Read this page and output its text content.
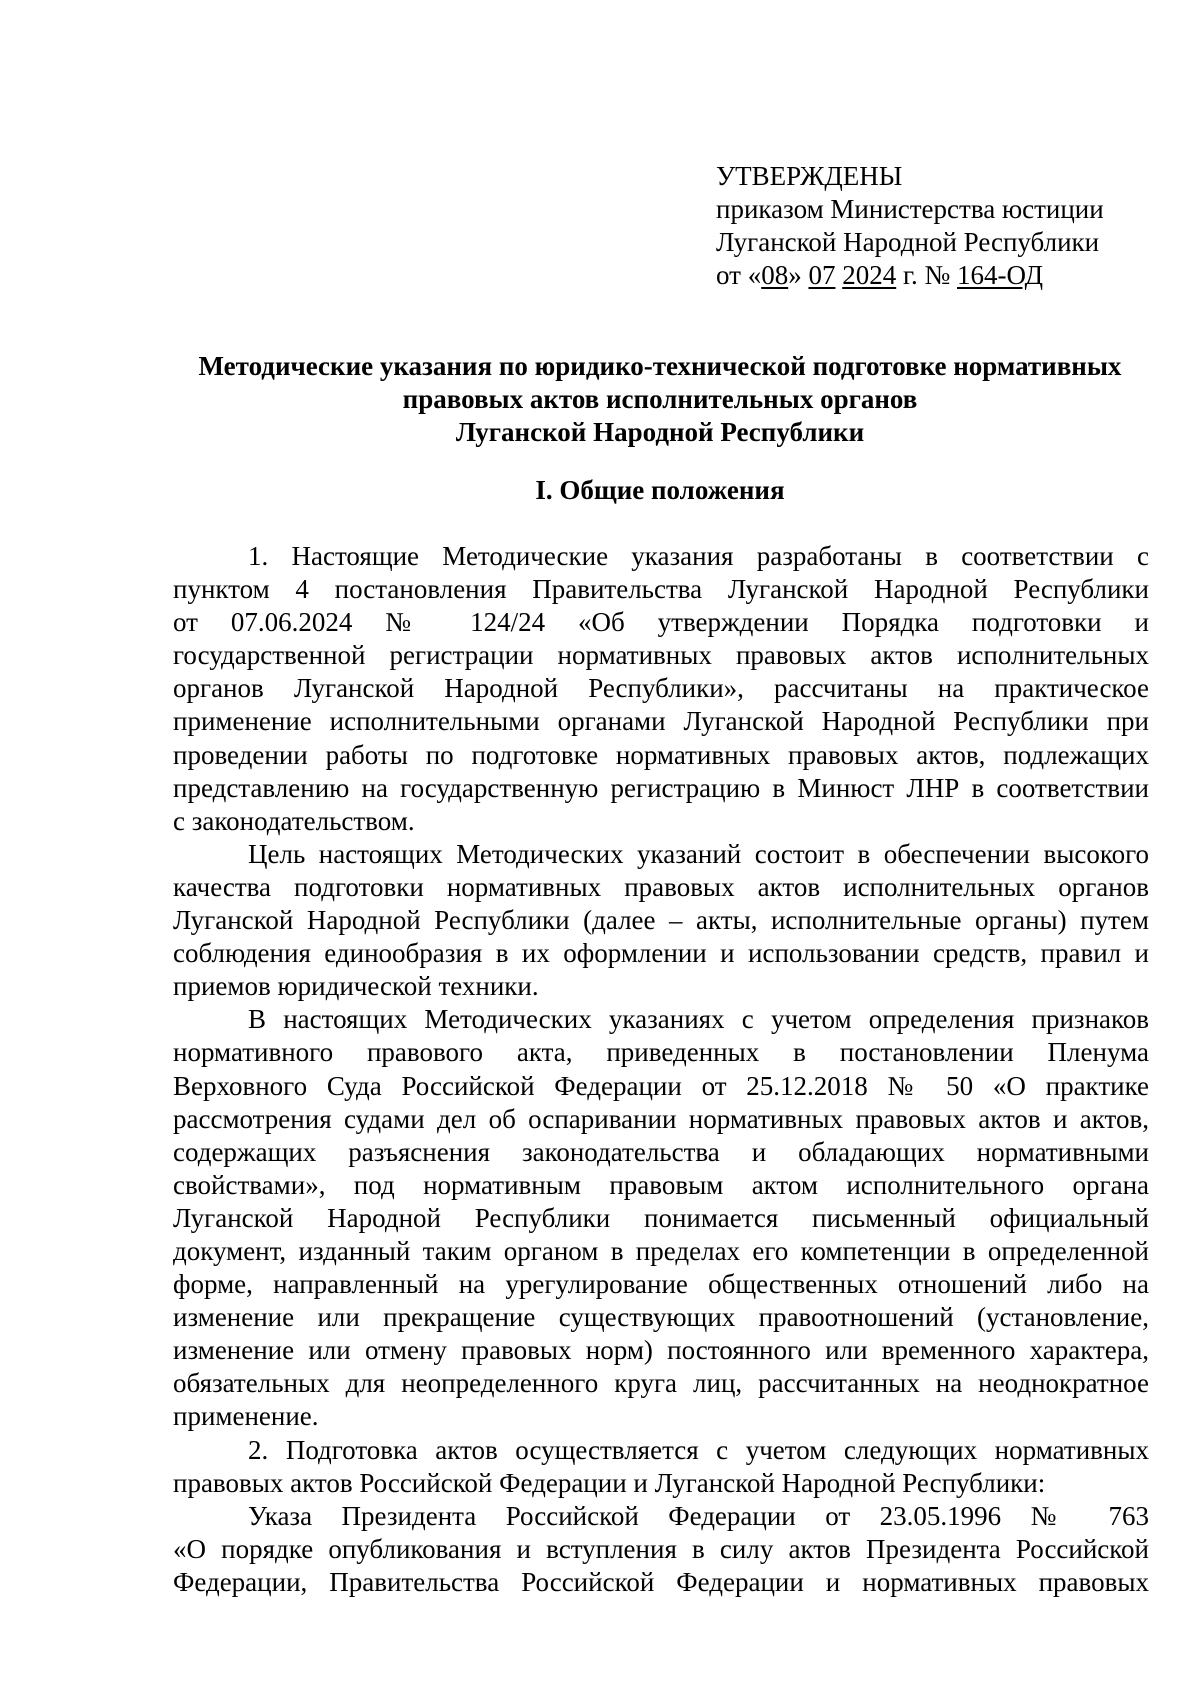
УТВЕРЖДЕНЫ
приказом Министерства юстиции
Луганской Народной Республики
от «08» 07 2024 г. № 164-ОД
Методические указания по юридико-технической подготовке нормативных
правовых актов исполнительных органов
Луганской Народной Республики
I. Общие положения
1. Настоящие Методические указания разработаны в соответствии с
пунктом 4 постановления Правительства Луганской Народной Республики
от 07.06.2024 № 124/24 «Об утверждении Порядка подготовки и
государственной регистрации нормативных правовых актов исполнительных
органов Луганской Народной Республики», рассчитаны на практическое
применение исполнительными органами Луганской Народной Республики при
проведении работы по подготовке нормативных правовых актов, подлежащих
представлению на государственную регистрацию в Минюст ЛНР в соответствии
с законодательством.
Цель настоящих Методических указаний состоит в обеспечении высокого
качества подготовки нормативных правовых актов исполнительных органов
Луганской Народной Республики (далее – акты, исполнительные органы) путем
соблюдения единообразия в их оформлении и использовании средств, правил и
приемов юридической техники.
В настоящих Методических указаниях с учетом определения признаков
нормативного правового акта, приведенных в постановлении Пленума
Верховного Суда Российской Федерации от 25.12.2018 № 50 «О практике
рассмотрения судами дел об оспаривании нормативных правовых актов и актов,
содержащих разъяснения законодательства и обладающих нормативными
свойствами», под нормативным правовым актом исполнительного органа
Луганской Народной Республики понимается письменный официальный
документ, изданный таким органом в пределах его компетенции в определенной
форме, направленный на урегулирование общественных отношений либо на
изменение или прекращение существующих правоотношений (установление,
изменение или отмену правовых норм) постоянного или временного характера,
обязательных для неопределенного круга лиц, рассчитанных на неоднократное
применение.
2. Подготовка актов осуществляется с учетом следующих нормативных
правовых актов Российской Федерации и Луганской Народной Республики:
Указа Президента Российской Федерации от 23.05.1996 № 763
«О порядке опубликования и вступления в силу актов Президента Российской
Федерации, Правительства Российской Федерации и нормативных правовых
